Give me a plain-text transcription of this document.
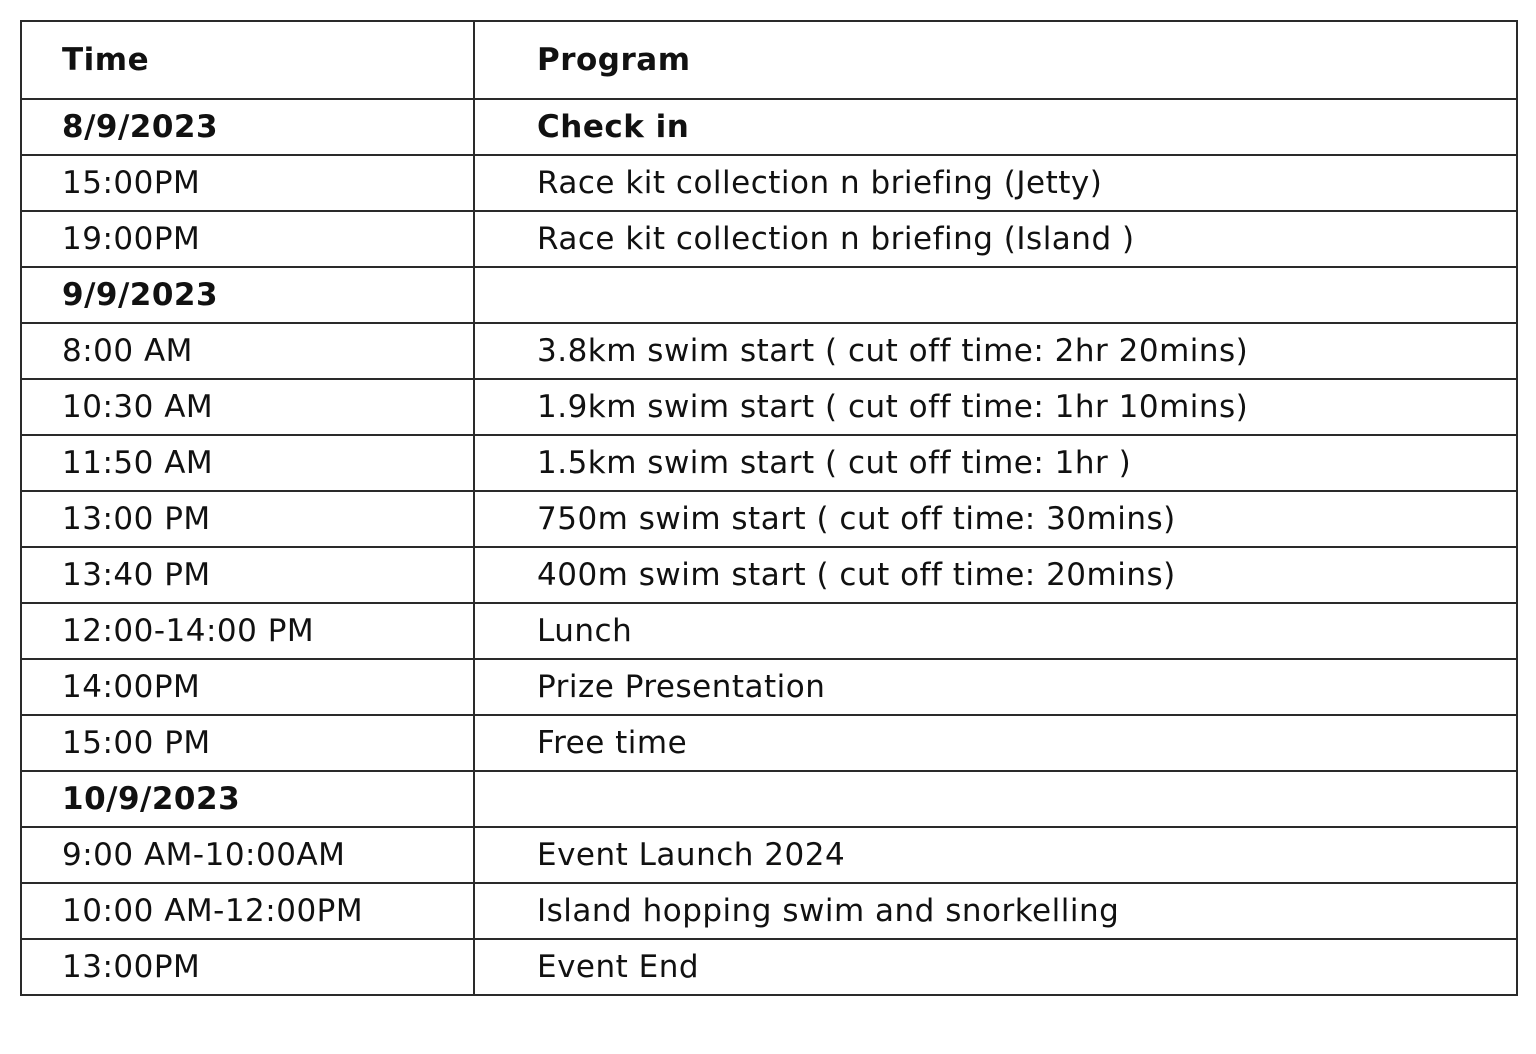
Time	Program
8/9/2023	Check in
15:00PM	Race kit collection n briefing (Jetty)
19:00PM	Race kit collection n briefing (Island )
9/9/2023	
8:00 AM	3.8km swim start ( cut off time: 2hr 20mins)
10:30 AM	1.9km swim start ( cut off time: 1hr 10mins)
11:50 AM	1.5km swim start ( cut off time: 1hr )
13:00 PM	750m swim start ( cut off time: 30mins)
13:40 PM	400m swim start ( cut off time: 20mins)
12:00-14:00 PM	Lunch
14:00PM	Prize Presentation
15:00 PM	Free time
10/9/2023	
9:00 AM-10:00AM	Event Launch 2024
10:00 AM-12:00PM	Island hopping swim and snorkelling
13:00PM	Event End
